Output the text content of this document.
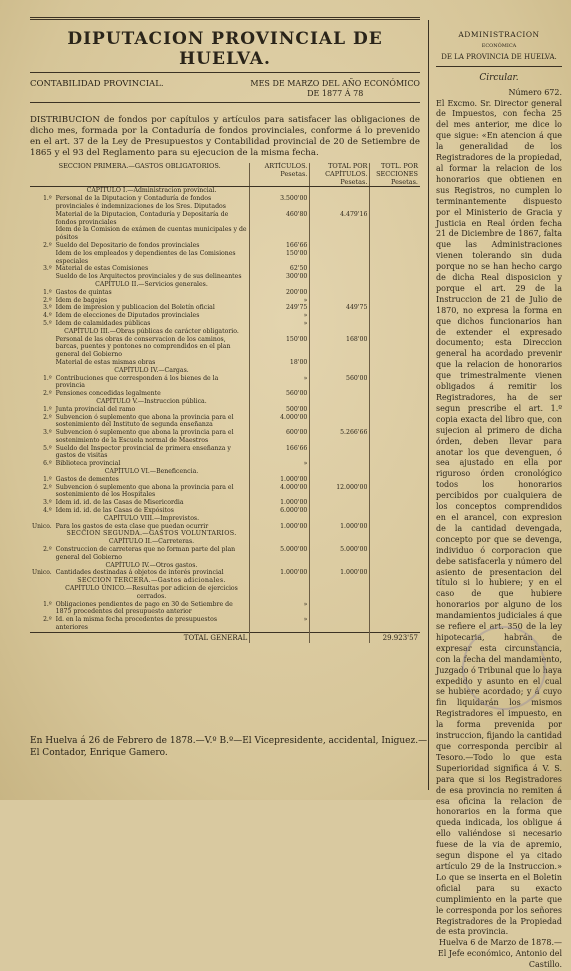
DIPUTACION PROVINCIAL DE HUELVA.
CONTABILIDAD PROVINCIAL.	MES DE MARZO DEL AÑO ECONÓMICO
DE 1877 Á 78

DISTRIBUCION de fondos por capítulos y artículos para satisfacer las obligaciones de dicho mes, formada por la Contaduría de fondos provinciales, conforme á lo prevenido en el art. 37 de la Ley de Presupuestos y Contabilidad provincial de 20 de Setiembre de 1865 y el 93 del Reglamento para su ejecucion de la misma fecha.

SECCION PRIMERA.—GASTOS OBLIGATORIOS.		ARTÍCULOS.
Pesetas.	TOTAL POR CAPÍTULOS.
Pesetas.	TOTL. POR SECCIONES
Pesetas.
	CAPÍTULO I.—Administracion provincial.			
1.º	Personal de la Diputacion y Contaduría de fondos provinciales é indemnizaciones de los Sres. Diputados	3.500'00		
	Material de la Diputacion, Contaduría y Depositaría de fondos provinciales	460'80	4.479'16	
	Idem de la Comision de exámen de cuentas municipales y de pósitos			
2.º	Sueldo del Depositario de fondos provinciales	166'66		
	Idem de los empleados y dependientes de las Comisiones especiales	150'00		
3.º	Material de estas Comisiones	62'50		
	Sueldo de los Arquitectos provinciales y de sus delineantes	300'00		
	CAPÍTULO II.—Servicios generales.			
1.º	Gastos de quintas	200'00		
2.º	Idem de bagajes	»		
3.º	Idem de impresion y publicacion del Boletín oficial	249'75	449'75	
4.º	Idem de elecciones de Diputados provinciales	»		
5.º	Idem de calamidades públicas	»		
	CAPÍTULO III.—Obras públicas de carácter obligatorio.			
	Personal de las obras de conservacion de los caminos, barcas, puentes y pontones no comprendidos en el plan general del Gobierno	150'00	168'00	
	Material de estas mismas obras	18'00		
	CAPÍTULO IV.—Cargas.			
1.º	Contribuciones que corresponden á los bienes de la provincia	»	560'00	
2.º	Pensiones concedidas legalmente	560'00		
	CAPÍTULO V.—Instruccion pública.			
1.º	Junta provincial del ramo	500'00		
2.º	Subvencion ó suplemento que abona la provincia para el sostenimiento del Instituto de segunda enseñanza	4.000'00		
3.º	Subvencion ó suplemento que abona la provincia para el sostenimiento de la Escuela normal de Maestros	600'00	5.266'66	
5.º	Sueldo del Inspector provincial de primera enseñanza y gastos de visitas	166'66		
6.º	Biblioteca provincial	»		
	CAPÍTULO VI.—Beneficencia.			
1.º	Gastos de dementes	1.000'00		
2.º	Subvencion ó suplemento que abona la provincia para el sostenimiento de los Hospitales	4.000'00	12.000'00	
3.º	Idem id. id. de las Casas de Misericordia	1.000'00		
4.º	Idem id. id. de las Casas de Expósitos	6.000'00		
	CAPÍTULO VIII.—Imprevistos.			
Unico.	Para los gastos de esta clase que puedan ocurrir	1.000'00	1.000'00	
	SECCION SEGUNDA.—GASTOS VOLUNTARIOS.			
	CAPÍTULO II.—Carreteras.			
2.º	Construccion de carreteras que no forman parte del plan general del Gobierno	5.000'00	5.000'00	
	CAPÍTULO IV.—Otros gastos.			
Unico.	Cantidades destinadas á objetos de interés provincial	1.000'00	1.000'00	
	SECCION TERCERA.—Gastos adicionales.			
	CAPÍTULO ÚNICO.—Resultas por adicion de ejercicios cerrados.			
1.º	Obligaciones pendientes de pago en 30 de Setiembre de 1875 procedentes del presupuesto anterior	»		
2.º	Id. en la misma fecha procedentes de presupuestos anteriores	»		
TOTAL GENERAL				29.923'57
En Huelva á 26 de Febrero de 1878.—V.º B.º—El Vicepresidente, accidental, Iniguez.—El Contador, Enrique Gamero.
ADMINISTRACION
ECONÓMICA
DE LA PROVINCIA DE HUELVA.
Circular.
Número 672.
El Excmo. Sr. Director general de Impuestos, con fecha 25 del mes anterior, me dice lo que sigue: «En atencion á que la generalidad de los Registradores de la propiedad, al formar la relacion de los honorarios que obtienen en sus Registros, no cumplen lo terminantemente dispuesto por el Ministerio de Gracia y Justicia en Real órden fecha 21 de Diciembre de 1867, falta que las Administraciones vienen tolerando sin duda porque no se han hecho cargo de dicha Real disposicion y porque el art. 29 de la Instruccion de 21 de Julio de 1870, no expresa la forma en que dichos funcionarios han de extender el expresado documento; esta Direccion general ha acordado prevenir que la relacion de honorarios que trimestralmente vienen obligados á remitir los Registradores, ha de ser segun prescribe el art. 1.º copia exacta del libro que, con sujecion al primero de dicha órden, deben llevar para anotar los que devenguen, ó sea ajustado en ella por riguroso órden cronológico todos los honorarios percibidos por cualquiera de los conceptos comprendidos en el arancel, con expresion de la cantidad devengada, concepto por que se devenga, individuo ó corporacion que debe satisfacerla y número del asiento de presentacion del título si lo hubiere; y en el caso de que hubiere honorarios por alguno de los mandamientos judiciales á que se refiere el art. 350 de la ley hipotecaria, habrán de expresar esta circunstancia, con la fecha del mandamiento, Juzgado ó Tribunal que lo haya expedido y asunto en el cual se hubiere acordado; y á cuyo fin liquidarán los mismos Registradores el impuesto, en la forma prevenida por instruccion, fijando la cantidad que corresponda percibir al Tesoro.—Todo lo que esta Superioridad significa á V. S. para que si los Registradores de esa provincia no remiten á esa oficina la relacion de honorarios en la forma que queda indicada, los obligue á ello valiéndose si necesario fuese de la via de apremio, segun dispone el ya citado artículo 29 de la Instruccion.» Lo que se inserta en el Boletin oficial para su exacto cumplimiento en la parte que le corresponda por los señores Registradores de la Propiedad de esta provincia.
Huelva 6 de Marzo de 1878.—
El Jefe económico, Antonio del Castillo.
